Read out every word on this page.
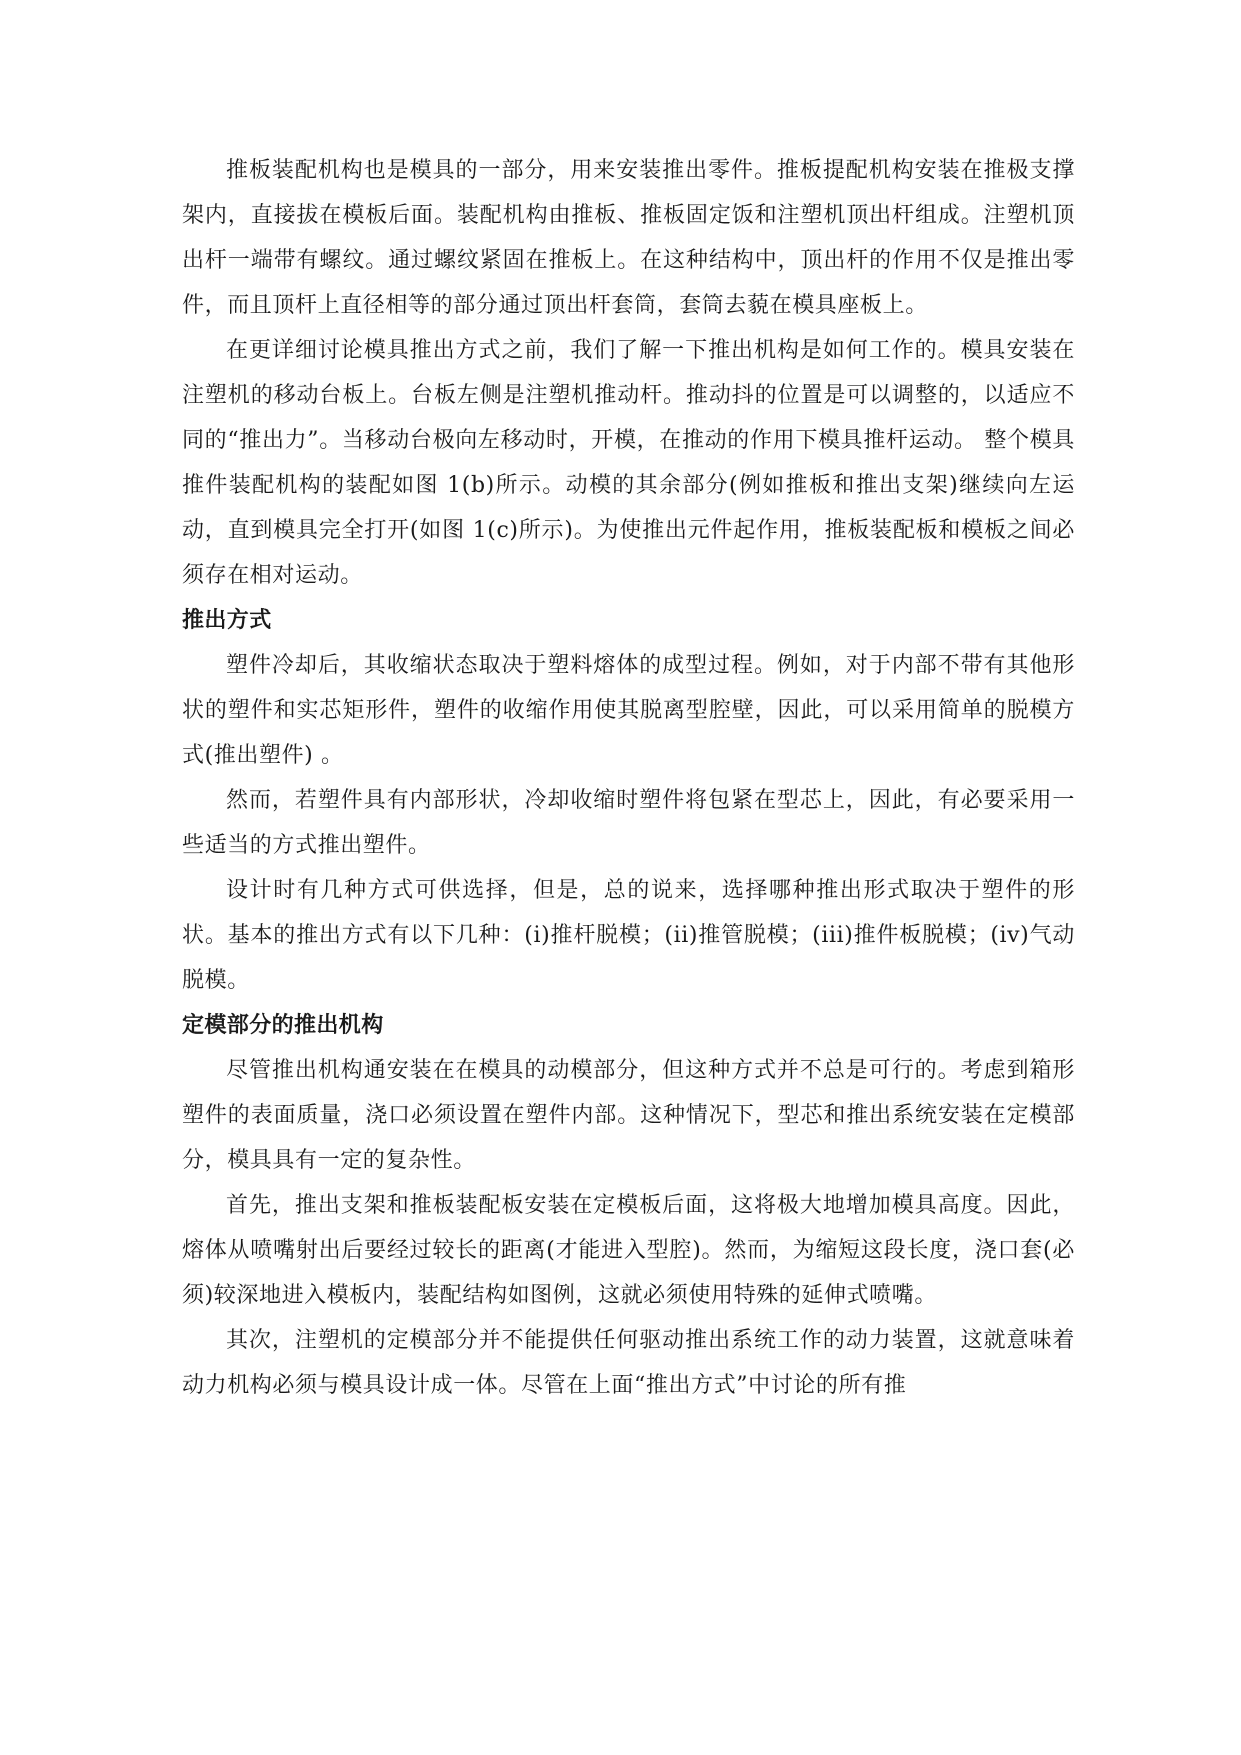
推板装配机构也是模具的一部分，用来安装推出零件。推板提配机构安装在推极支撑架内，直接拔在模板后面。装配机构由推板、推板固定饭和注塑机顶出杆组成。注塑机顶出杆一端带有螺纹。通过螺纹紧固在推板上。在这种结构中，顶出杆的作用不仅是推出零件，而且顶杆上直径相等的部分通过顶出杆套筒，套筒去藐在模具座板上。

在更详细讨论模具推出方式之前，我们了解一下推出机构是如何工作的。模具安装在注塑机的移动台板上。台板左侧是注塑机推动杆。推动抖的位置是可以调整的，以适应不同的“推出力”。当移动台极向左移动时，开模，在推动的作用下模具推杆运动。 整个模具推件装配机构的装配如图 1(b)所示。动模的其余部分(例如推板和推出支架)继续向左运动，直到模具完全打开(如图 1(c)所示)。为使推出元件起作用，推板装配板和模板之间必须存在相对运动。

推出方式

塑件冷却后，其收缩状态取决于塑料熔体的成型过程。例如，对于内部不带有其他形状的塑件和实芯矩形件，塑件的收缩作用使其脱离型腔壁，因此，可以采用简单的脱模方式(推出塑件) 。

然而，若塑件具有内部形状，冷却收缩时塑件将包紧在型芯上，因此，有必要采用一些适当的方式推出塑件。

设计时有几种方式可供选择，但是，总的说来，选择哪种推出形式取决于塑件的形状。基本的推出方式有以下几种：(i)推杆脱模；(ii)推管脱模；(iii)推件板脱模；(iv)气动脱模。

定模部分的推出机构

尽管推出机构通安装在在模具的动模部分，但这种方式并不总是可行的。考虑到箱形塑件的表面质量，浇口必须设置在塑件内部。这种情况下，型芯和推出系统安装在定模部分，模具具有一定的复杂性。

首先，推出支架和推板装配板安装在定模板后面，这将极大地增加模具高度。因此，熔体从喷嘴射出后要经过较长的距离(才能进入型腔)。然而，为缩短这段长度，浇口套(必须)较深地进入模板内，装配结构如图例，这就必须使用特殊的延伸式喷嘴。

其次，注塑机的定模部分并不能提供任何驱动推出系统工作的动力装置，这就意味着动力机构必须与模具设计成一体。尽管在上面“推出方式”中讨论的所有推
